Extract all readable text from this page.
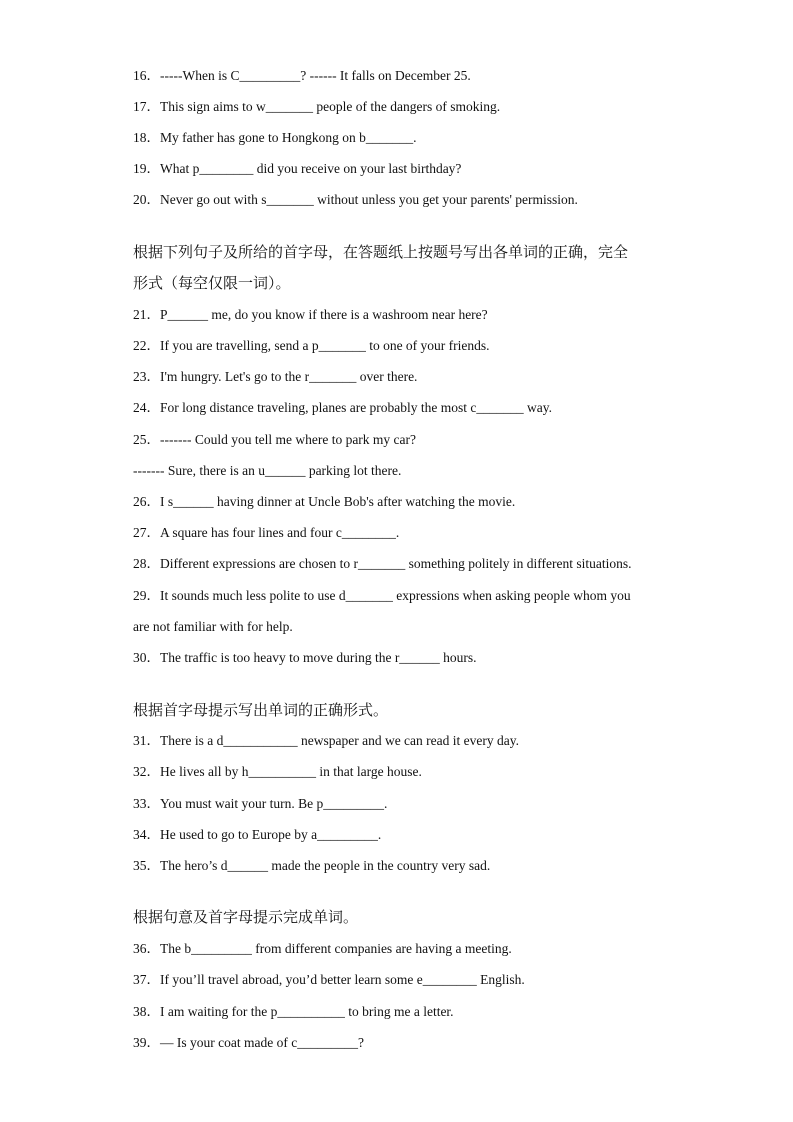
16．-----When is C_________? ------ It falls on December 25.
17．This sign aims to w_______ people of the dangers of smoking.
18．My father has gone to Hongkong on b_______.
19．What p________ did you receive on your last birthday?
20．Never go out with s_______ without unless you get your parents' permission.
根据下列句子及所给的首字母，在答题纸上按题号写出各单词的正确，完全
形式（每空仅限一词）。
21．P______ me, do you know if there is a washroom near here?
22．If you are travelling, send a p_______ to one of your friends.
23．I'm hungry. Let's go to the r_______ over there.
24．For long distance traveling, planes are probably the most c_______ way.
25．------- Could you tell me where to park my car?
------- Sure, there is an u______ parking lot there.
26．I s______ having dinner at Uncle Bob's after watching the movie.
27．A square has four lines and four c________.
28．Different expressions are chosen to r_______ something politely in different situations.
29．It sounds much less polite to use d_______ expressions when asking people whom you
are not familiar with for help.
30．The traffic is too heavy to move during the r______ hours.
根据首字母提示写出单词的正确形式。
31．There is a d___________ newspaper and we can read it every day.
32．He lives all by h__________ in that large house.
33．You must wait your turn. Be p_________.
34．He used to go to Europe by a_________.
35．The hero’s d______ made the people in the country very sad.
根据句意及首字母提示完成单词。
36．The b_________ from different companies are having a meeting.
37．If you’ll travel abroad, you’d better learn some e________ English.
38．I am waiting for the p__________ to bring me a letter.
39．— Is your coat made of c_________?
